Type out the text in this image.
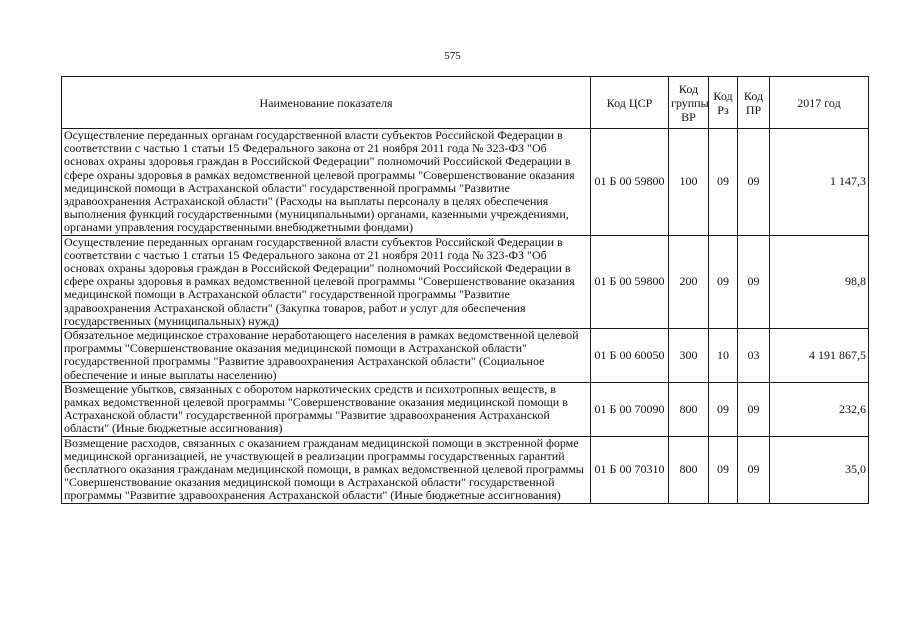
575
Наименование показателя	Код ЦСР	Код группы ВР	Код Рз	Код ПР	2017 год
Осуществление переданных органам государственной власти субъектов Российской Федерации в соответствии с частью 1 статьи 15 Федерального закона от 21 ноября 2011 года № 323-ФЗ "Об основах охраны здоровья граждан в Российской Федерации" полномочий Российской Федерации в сфере охраны здоровья в рамках ведомственной целевой программы "Совершенствование оказания медицинской помощи в Астраханской области" государственной программы "Развитие здравоохранения Астраханской области" (Расходы на выплаты персоналу в целях обеспечения выполнения функций государственными (муниципальными) органами, казенными учреждениями, органами управления государственными внебюджетными фондами)	01 Б 00 59800	100	09	09	1 147,3
Осуществление переданных органам государственной власти субъектов Российской Федерации в соответствии с частью 1 статьи 15 Федерального закона от 21 ноября 2011 года № 323-ФЗ "Об основах охраны здоровья граждан в Российской Федерации" полномочий Российской Федерации в сфере охраны здоровья в рамках ведомственной целевой программы "Совершенствование оказания медицинской помощи в Астраханской области" государственной программы "Развитие здравоохранения Астраханской области" (Закупка товаров, работ и услуг для обеспечения государственных (муниципальных) нужд)	01 Б 00 59800	200	09	09	98,8
Обязательное медицинское страхование неработающего населения в рамках ведомственной целевой программы "Совершенствование оказания медицинской помощи в Астраханской области" государственной программы "Развитие здравоохранения Астраханской области" (Социальное обеспечение и иные выплаты населению)	01 Б 00 60050	300	10	03	4 191 867,5
Возмещение убытков, связанных с оборотом наркотических средств и психотропных веществ, в рамках ведомственной целевой программы "Совершенствование оказания медицинской помощи в Астраханской области" государственной программы "Развитие здравоохранения Астраханской области" (Иные бюджетные ассигнования)	01 Б 00 70090	800	09	09	232,6
Возмещение расходов, связанных с оказанием гражданам медицинской помощи в экстренной форме медицинской организацией, не участвующей в реализации программы государственных гарантий бесплатного оказания гражданам медицинской помощи, в рамках ведомственной целевой программы "Совершенствование оказания медицинской помощи в Астраханской области" государственной программы "Развитие здравоохранения Астраханской области" (Иные бюджетные ассигнования)	01 Б 00 70310	800	09	09	35,0
